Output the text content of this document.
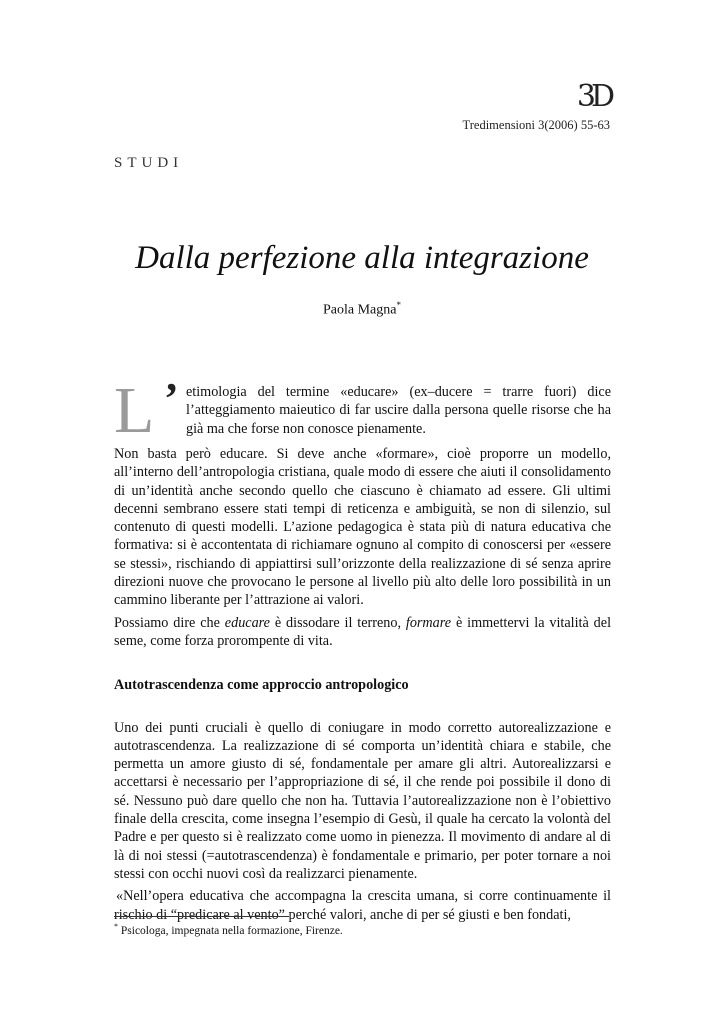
3D
Tredimensioni 3(2006) 55-63
STUDI
Dalla perfezione alla integrazione
Paola Magna*
L ’ etimologia del termine «educare» (ex–ducere = trarre fuori) dice l’atteggiamento maieutico di far uscire dalla persona quelle risorse che ha già ma che forse non conosce pienamente.

Non basta però educare. Si deve anche «formare», cioè proporre un modello, all’interno dell’antropologia cristiana, quale modo di essere che aiuti il consolidamento di un’identità anche secondo quello che ciascuno è chiamato ad essere. Gli ultimi decenni sembrano essere stati tempi di reticenza e ambiguità, se non di silenzio, sul contenuto di questi modelli. L’azione pedagogica è stata più di natura educativa che formativa: si è accontentata di richiamare ognuno al compito di conoscersi per «essere se stessi», rischiando di appiattirsi sull’orizzonte della realizzazione di sé senza aprire direzioni nuove che provocano le persone al livello più alto delle loro possibilità in un cammino liberante per l’attrazione ai valori.

Possiamo dire che educare è dissodare il terreno, formare è immettervi la vitalità del seme, come forza prorompente di vita.

Autotrascendenza come approccio antropologico

Uno dei punti cruciali è quello di coniugare in modo corretto autorealizzazione e autotrascendenza. La realizzazione di sé comporta un’identità chiara e stabile, che permetta un amore giusto di sé, fondamentale per amare gli altri. Autorealizzarsi e accettarsi è necessario per l’appropriazione di sé, il che rende poi possibile il dono di sé. Nessuno può dare quello che non ha. Tuttavia l’autorealizzazione non è l’obiettivo finale della crescita, come insegna l’esempio di Gesù, il quale ha cercato la volontà del Padre e per questo si è realizzato come uomo in pienezza. Il movimento di andare al di là di noi stessi (=autotrascendenza) è fondamentale e primario, per poter tornare a noi stessi con occhi nuovi così da realizzarci pienamente.

«Nell’opera educativa che accompagna la crescita umana, si corre continuamente il rischio di “predicare al vento” perché valori, anche di per sé giusti e ben fondati,

* Psicologa, impegnata nella formazione, Firenze.
